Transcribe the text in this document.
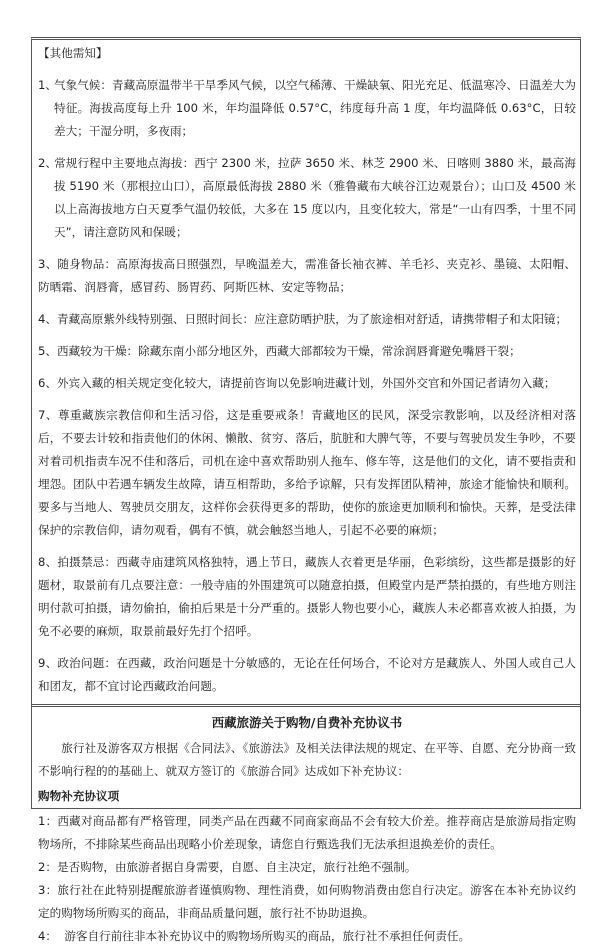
【其他需知】

1、气象气候：青藏高原温带半干旱季风气候，以空气稀薄、干燥缺氧、阳光充足、低温寒冷、日温差大为特征。海拔高度每上升 100 米，年均温降低 0.57°C，纬度每升高 1 度，年均温降低 0.63°C，日较差大；干湿分明，多夜雨；

2、常规行程中主要地点海拔：西宁 2300 米，拉萨 3650 米、林芝 2900 米、日喀则 3880 米，最高海拔 5190 米（那根拉山口），高原最低海拔 2880 米（雅鲁藏布大峡谷江边观景台）；山口及 4500 米以上高海拔地方白天夏季气温仍较低，大多在 15 度以内，且变化较大，常是“一山有四季，十里不同天”，请注意防风和保暖；

3、随身物品：高原海拔高日照强烈，早晚温差大，需准备长袖衣裤、羊毛衫、夹克衫、墨镜、太阳帽、防晒霜、润唇膏，感冒药、肠胃药、阿斯匹林、安定等物品；

4、青藏高原紫外线特别强、日照时间长：应注意防晒护肤，为了旅途相对舒适，请携带帽子和太阳镜；

5、西藏较为干燥：除藏东南小部分地区外，西藏大部都较为干燥，常涂润唇膏避免嘴唇干裂；

6、外宾入藏的相关规定变化较大，请提前咨询以免影响进藏计划，外国外交官和外国记者请勿入藏；

7、尊重藏族宗教信仰和生活习俗，这是重要戒条！青藏地区的民风，深受宗教影响，以及经济相对落后，不要去计较和指责他们的休闲、懒散、贫穷、落后，肮脏和大脾气等，不要与驾驶员发生争吵，不要对着司机指责车况不佳和落后，司机在途中喜欢帮助别人拖车、修车等，这是他们的文化，请不要指责和埋怨。团队中若遇车辆发生故障，请互相帮助，多给予谅解，只有发挥团队精神，旅途才能愉快和顺利。要多与当地人、驾驶员交朋友，这样你会获得更多的帮助，使你的旅途更加顺利和愉快。天葬，是受法律保护的宗教信仰，请勿观看，偶有不慎，就会触怒当地人，引起不必要的麻烦；

8、拍摄禁忌：西藏寺庙建筑风格独特，遇上节日，藏族人衣着更是华丽，色彩缤纷，这些都是摄影的好题材，取景前有几点要注意：一般寺庙的外围建筑可以随意拍摄，但殿堂内是严禁拍摄的，有些地方则注明付款可拍摄，请勿偷拍，偷拍后果是十分严重的。摄影人物也要小心，藏族人未必都喜欢被人拍摄，为免不必要的麻烦，取景前最好先打个招呼。

9、政治问题：在西藏，政治问题是十分敏感的，无论在任何场合，不论对方是藏族人、外国人或自己人和团友，都不宜讨论西藏政治问题。

西藏旅游关于购物/自费补充协议书

旅行社及游客双方根据《合同法》、《旅游法》及相关法律法规的规定、在平等、自愿、充分协商一致不影响行程的的基础上、就双方签订的《旅游合同》达成如下补充协议：

购物补充协议项

1：西藏对商品都有严格管理，同类产品在西藏不同商家商品不会有较大价差。推荐商店是旅游局指定购物场所，不排除某些商品出现略小价差现象，请您自行甄选我们无法承担退换差价的责任。

2：是否购物，由旅游者据自身需要，自愿、自主决定，旅行社绝不强制。

3：旅行社在此特别提醒旅游者谨慎购物、理性消费，如何购物消费由您自行决定。游客在本补充协议约定的购物场所购买的商品，非商品质量问题，旅行社不协助退换。

4：  游客自行前往非本补充协议中的购物场所购买的商品，旅行社不承担任何责任。
